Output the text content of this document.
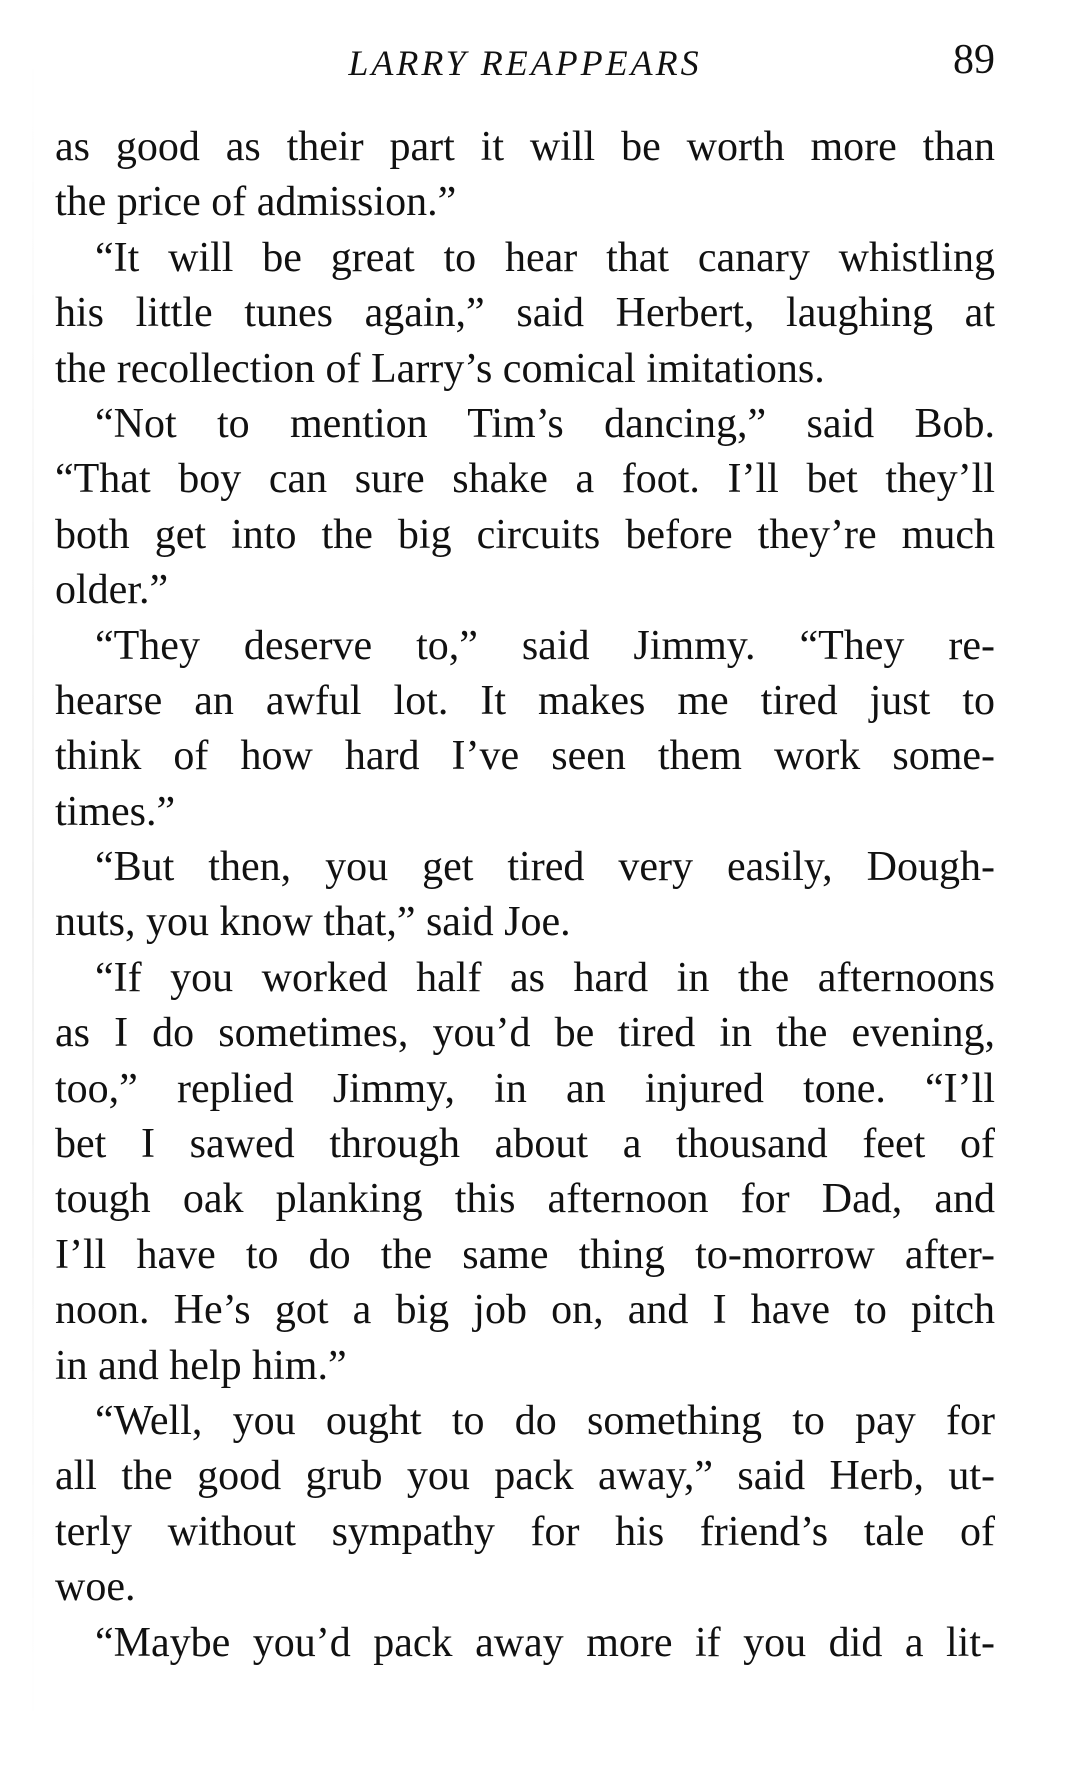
LARRY REAPPEARS	89
as good as their part it will be worth more than
the price of admission.”
“It will be great to hear that canary whistling
his little tunes again,” said Herbert, laughing at
the recollection of Larry’s comical imitations.
“Not to mention Tim’s dancing,” said Bob.
“That boy can sure shake a foot. I’ll bet they’ll
both get into the big circuits before they’re much
older.”
“They deserve to,” said Jimmy. “They re-
hearse an awful lot. It makes me tired just to
think of how hard I’ve seen them work some-
times.”
“But then, you get tired very easily, Dough-
nuts, you know that,” said Joe.
“If you worked half as hard in the afternoons
as I do sometimes, you’d be tired in the evening,
too,” replied Jimmy, in an injured tone. “I’ll
bet I sawed through about a thousand feet of
tough oak planking this afternoon for Dad, and
I’ll have to do the same thing to-morrow after-
noon. He’s got a big job on, and I have to pitch
in and help him.”
“Well, you ought to do something to pay for
all the good grub you pack away,” said Herb, ut-
terly without sympathy for his friend’s tale of
woe.
“Maybe you’d pack away more if you did a lit-
